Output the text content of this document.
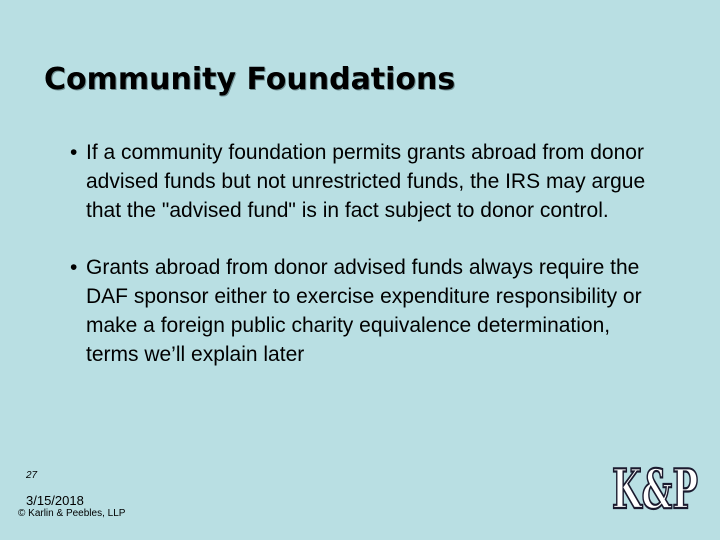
Community Foundations
• If a community foundation permits grants abroad from donor advised funds but not unrestricted funds, the IRS may argue that the "advised fund" is in fact subject to donor control.
• Grants abroad from donor advised funds always require the DAF sponsor either to exercise expenditure responsibility or make a foreign public charity equivalence determination, terms we’ll explain later
27
3/15/2018
© Karlin & Peebles, LLP	K&P
